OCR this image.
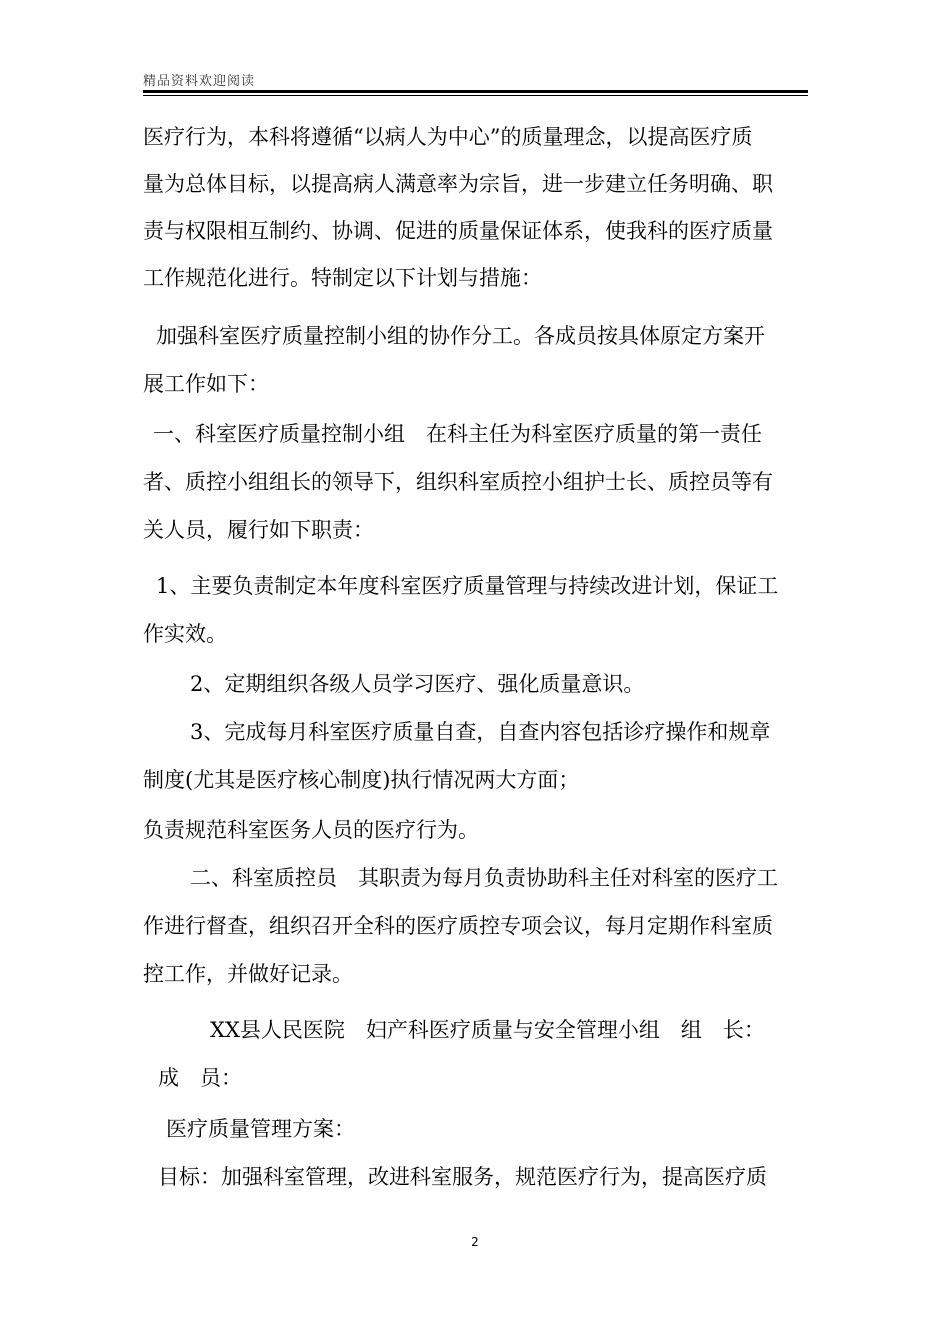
精品资料欢迎阅读
医疗行为，本科将遵循“以病人为中心”的质量理念，以提高医疗质
量为总体目标，以提高病人满意率为宗旨，进一步建立任务明确、职
责与权限相互制约、协调、促进的质量保证体系，使我科的医疗质量
工作规范化进行。特制定以下计划与措施：
加强科室医疗质量控制小组的协作分工。各成员按具体原定方案开
展工作如下：
一、科室医疗质量控制小组　在科主任为科室医疗质量的第一责任
者、质控小组组长的领导下，组织科室质控小组护士长、质控员等有
关人员，履行如下职责：
1、主要负责制定本年度科室医疗质量管理与持续改进计划，保证工
作实效。
2、定期组织各级人员学习医疗、强化质量意识。
3、完成每月科室医疗质量自查，自查内容包括诊疗操作和规章
制度(尤其是医疗核心制度)执行情况两大方面；
负责规范科室医务人员的医疗行为。
二、科室质控员　其职责为每月负责协助科主任对科室的医疗工
作进行督查，组织召开全科的医疗质控专项会议，每月定期作科室质
控工作，并做好记录。
XX县人民医院　妇产科医疗质量与安全管理小组　组　长：
成　员：
医疗质量管理方案：
目标：加强科室管理，改进科室服务，规范医疗行为，提高医疗质
2
